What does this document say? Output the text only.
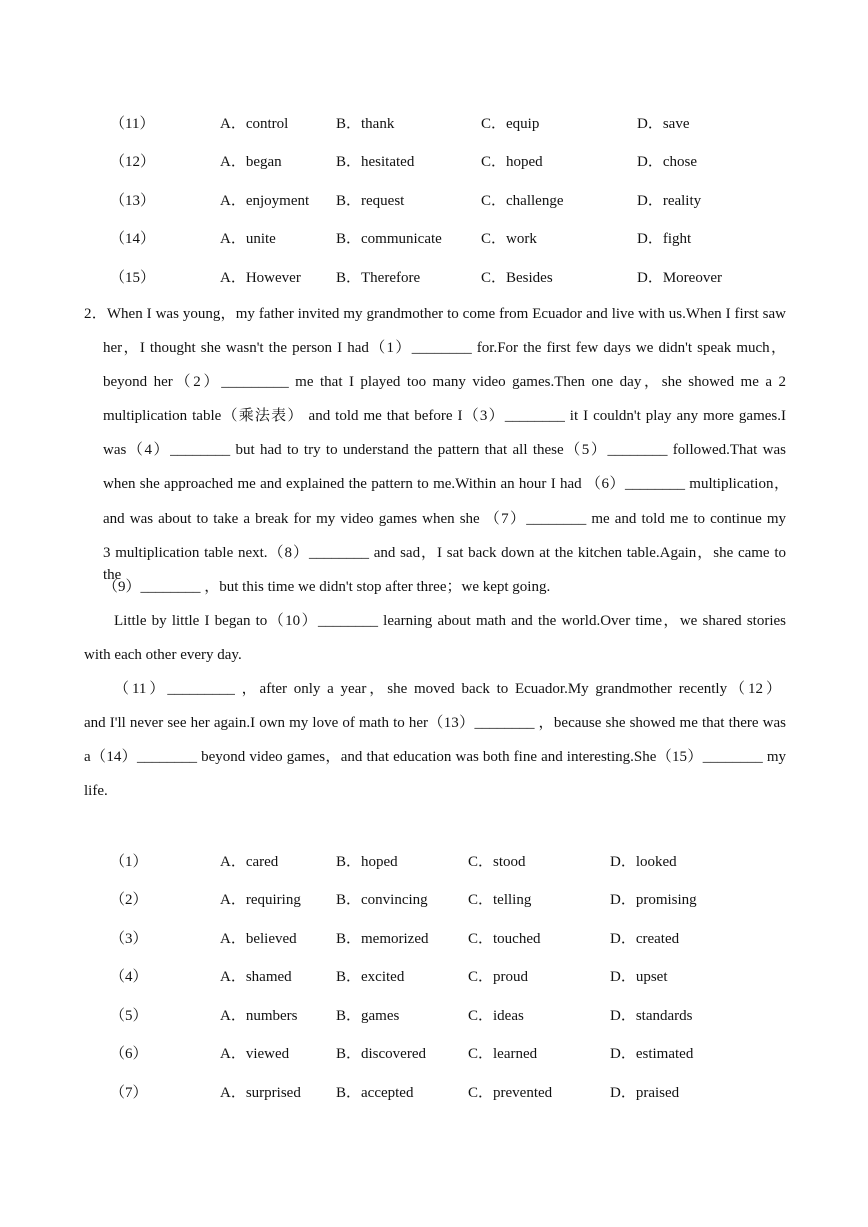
（11）	A．control	B．thank	C．equip	D．save
（12）	A．began	B．hesitated	C．hoped	D．chose
（13）	A．enjoyment B．request	C．challenge	D．reality
（14）	A．unite	B．communicate	C．work	D．fight
（15）	A．However B．Therefore	C．Besides	D．Moreover
2．When I was young，my father invited my grandmother to come from Ecuador and live with us.When I first saw
her，I thought she wasn't the person I had（1）________ for.For the first few days we didn't speak much，
beyond her（2）_________ me that I played too many video games.Then one day，she showed me a 2
multiplication table（乘法表） and told me that before I（3）________ it I couldn't play any more games.I
was（4）________ but had to try to understand the pattern that all these（5）________ followed.That was
when she approached me and explained the pattern to me.Within an hour I had （6）________ multiplication，
and was about to take a break for my video games when she （7）________ me and told me to continue my
3 multiplication table next.（8）________ and sad，I sat back down at the kitchen table.Again，she came to the
（9）________ ，but this time we didn't stop after three；we kept going.
Little by little I began to（10）________ learning about math and the world.Over time，we shared stories
with each other every day.
（11）_________ ，after only a year，she moved back to Ecuador.My grandmother recently（12）
and I'll never see her again.I own my love of math to her（13）________ ，because she showed me that there was
a（14）________ beyond video games，and that education was both fine and interesting.She（15）________ my
life.
（1）	A．cared	B．hoped	C．stood	D．looked
（2）	A．requiring B．convincing	C．telling	D．promising
（3）	A．believed	B．memorized	C．touched	D．created
（4）	A．shamed	B．excited	C．proud	D．upset
（5）	A．numbers	B．games	C．ideas	D．standards
（6）	A．viewed	B．discovered	C．learned	D．estimated
（7）	A．surprised B．accepted	C．prevented	D．praised
